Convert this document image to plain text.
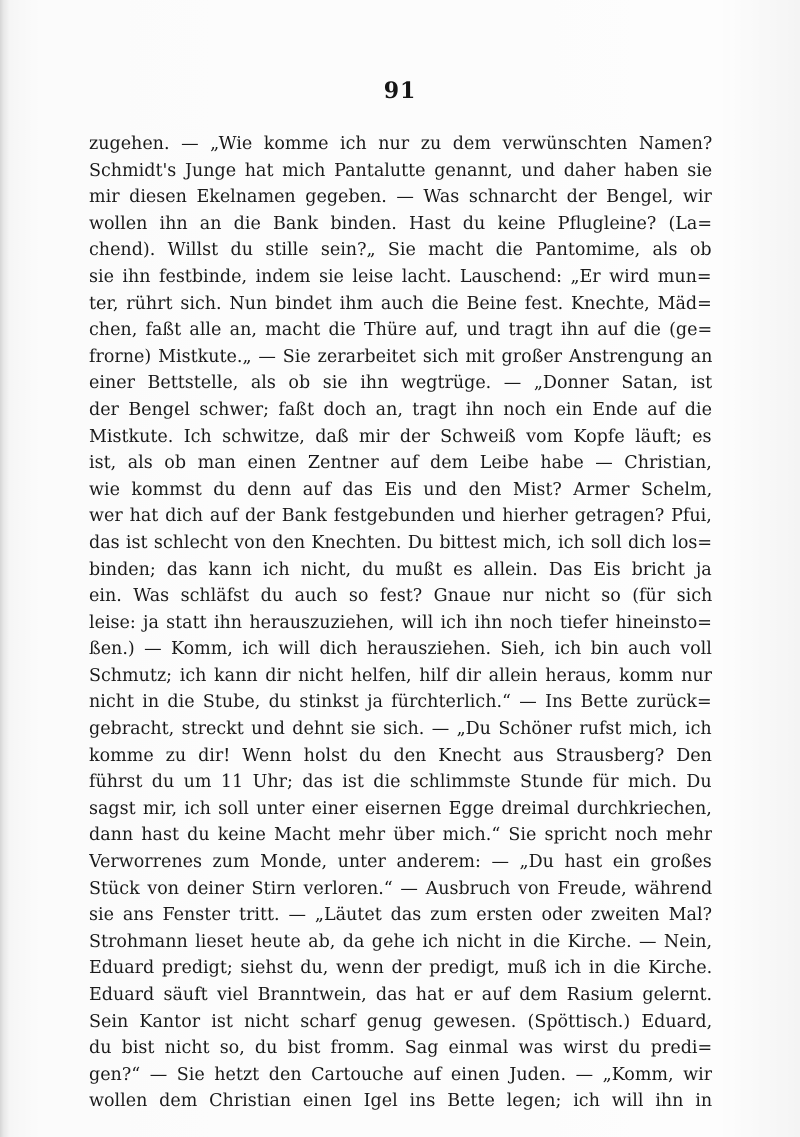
91
zugehen. — „Wie komme ich nur zu dem verwünschten Namen?
Schmidt's Junge hat mich Pantalutte genannt, und daher haben sie
mir diesen Ekelnamen gegeben. — Was schnarcht der Bengel, wir
wollen ihn an die Bank binden. Hast du keine Pflugleine? (La=
chend). Willst du stille sein?„ Sie macht die Pantomime, als ob
sie ihn festbinde, indem sie leise lacht. Lauschend: „Er wird mun=
ter, rührt sich. Nun bindet ihm auch die Beine fest. Knechte, Mäd=
chen, faßt alle an, macht die Thüre auf, und tragt ihn auf die (ge=
frorne) Mistkute.„ — Sie zerarbeitet sich mit großer Anstrengung an
einer Bettstelle, als ob sie ihn wegtrüge. — „Donner Satan, ist
der Bengel schwer; faßt doch an, tragt ihn noch ein Ende auf die
Mistkute. Ich schwitze, daß mir der Schweiß vom Kopfe läuft; es
ist, als ob man einen Zentner auf dem Leibe habe — Christian,
wie kommst du denn auf das Eis und den Mist? Armer Schelm,
wer hat dich auf der Bank festgebunden und hierher getragen? Pfui,
das ist schlecht von den Knechten. Du bittest mich, ich soll dich los=
binden; das kann ich nicht, du mußt es allein. Das Eis bricht ja
ein. Was schläfst du auch so fest? Gnaue nur nicht so (für sich
leise: ja statt ihn herauszuziehen, will ich ihn noch tiefer hineinsto=
ßen.) — Komm, ich will dich herausziehen. Sieh, ich bin auch voll
Schmutz; ich kann dir nicht helfen, hilf dir allein heraus, komm nur
nicht in die Stube, du stinkst ja fürchterlich.“ — Ins Bette zurück=
gebracht, streckt und dehnt sie sich. — „Du Schöner rufst mich, ich
komme zu dir! Wenn holst du den Knecht aus Strausberg? Den
führst du um 11 Uhr; das ist die schlimmste Stunde für mich. Du
sagst mir, ich soll unter einer eisernen Egge dreimal durchkriechen,
dann hast du keine Macht mehr über mich.“ Sie spricht noch mehr
Verworrenes zum Monde, unter anderem: — „Du hast ein großes
Stück von deiner Stirn verloren.“ — Ausbruch von Freude, während
sie ans Fenster tritt. — „Läutet das zum ersten oder zweiten Mal?
Strohmann lieset heute ab, da gehe ich nicht in die Kirche. — Nein,
Eduard predigt; siehst du, wenn der predigt, muß ich in die Kirche.
Eduard säuft viel Branntwein, das hat er auf dem Rasium gelernt.
Sein Kantor ist nicht scharf genug gewesen. (Spöttisch.) Eduard,
du bist nicht so, du bist fromm. Sag einmal was wirst du predi=
gen?“ — Sie hetzt den Cartouche auf einen Juden. — „Komm, wir
wollen dem Christian einen Igel ins Bette legen; ich will ihn in
